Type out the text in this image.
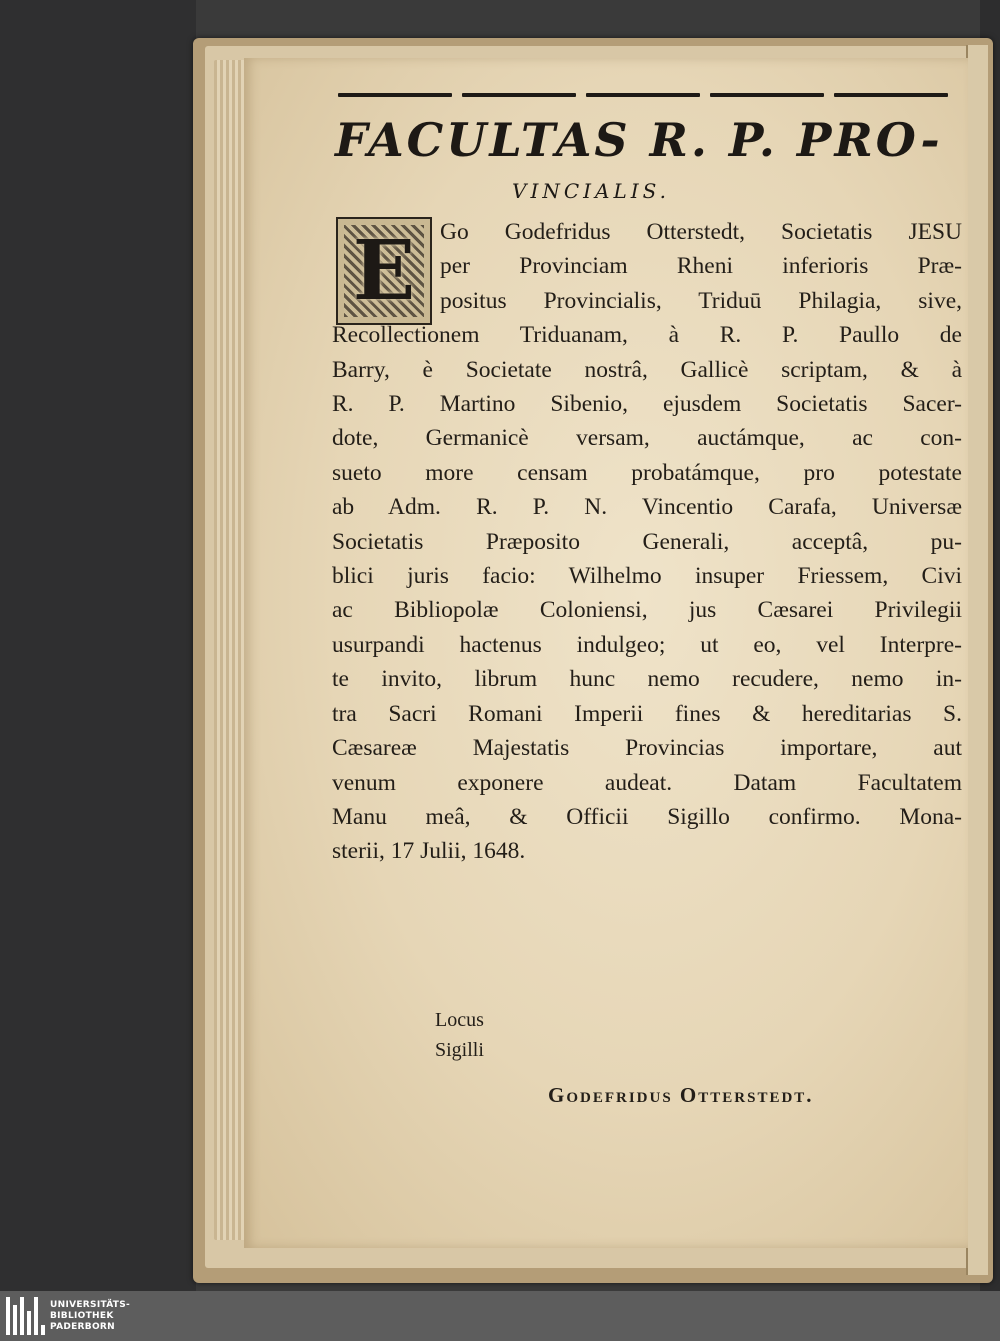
FACULTAS R. P. PRO-
VINCIALIS.
E	Go Godefridus Otterstedt, Societatis JESU
per Provinciam Rheni inferioris Præ-
positus Provincialis, Triduū Philagia, sive,
Recollectionem Triduanam, à R. P. Paullo de
Barry, è Societate nostrâ, Gallicè scriptam, & à
R. P. Martino Sibenio, ejusdem Societatis Sacer-
dote, Germanicè versam, auctámque, ac con-
sueto more censam probatámque, pro potestate
ab Adm. R. P. N. Vincentio Carafa, Universæ
Societatis Præposito Generali, acceptâ, pu-
blici juris facio: Wilhelmo insuper Friessem, Civi
ac Bibliopolæ Coloniensi, jus Cæsarei Privilegii
usurpandi hactenus indulgeo; ut eo, vel Interpre-
te invito, librum hunc nemo recudere, nemo in-
tra Sacri Romani Imperii fines & hereditarias S.
Cæsareæ Majestatis Provincias importare, aut
venum exponere audeat. Datam Facultatem
Manu meâ, & Officii Sigillo confirmo. Mona-
sterii, 17 Julii, 1648.
Locus
Sigilli
Godefridus Otterstedt.
UNIVERSITÄTS-
BIBLIOTHEK
PADERBORN
